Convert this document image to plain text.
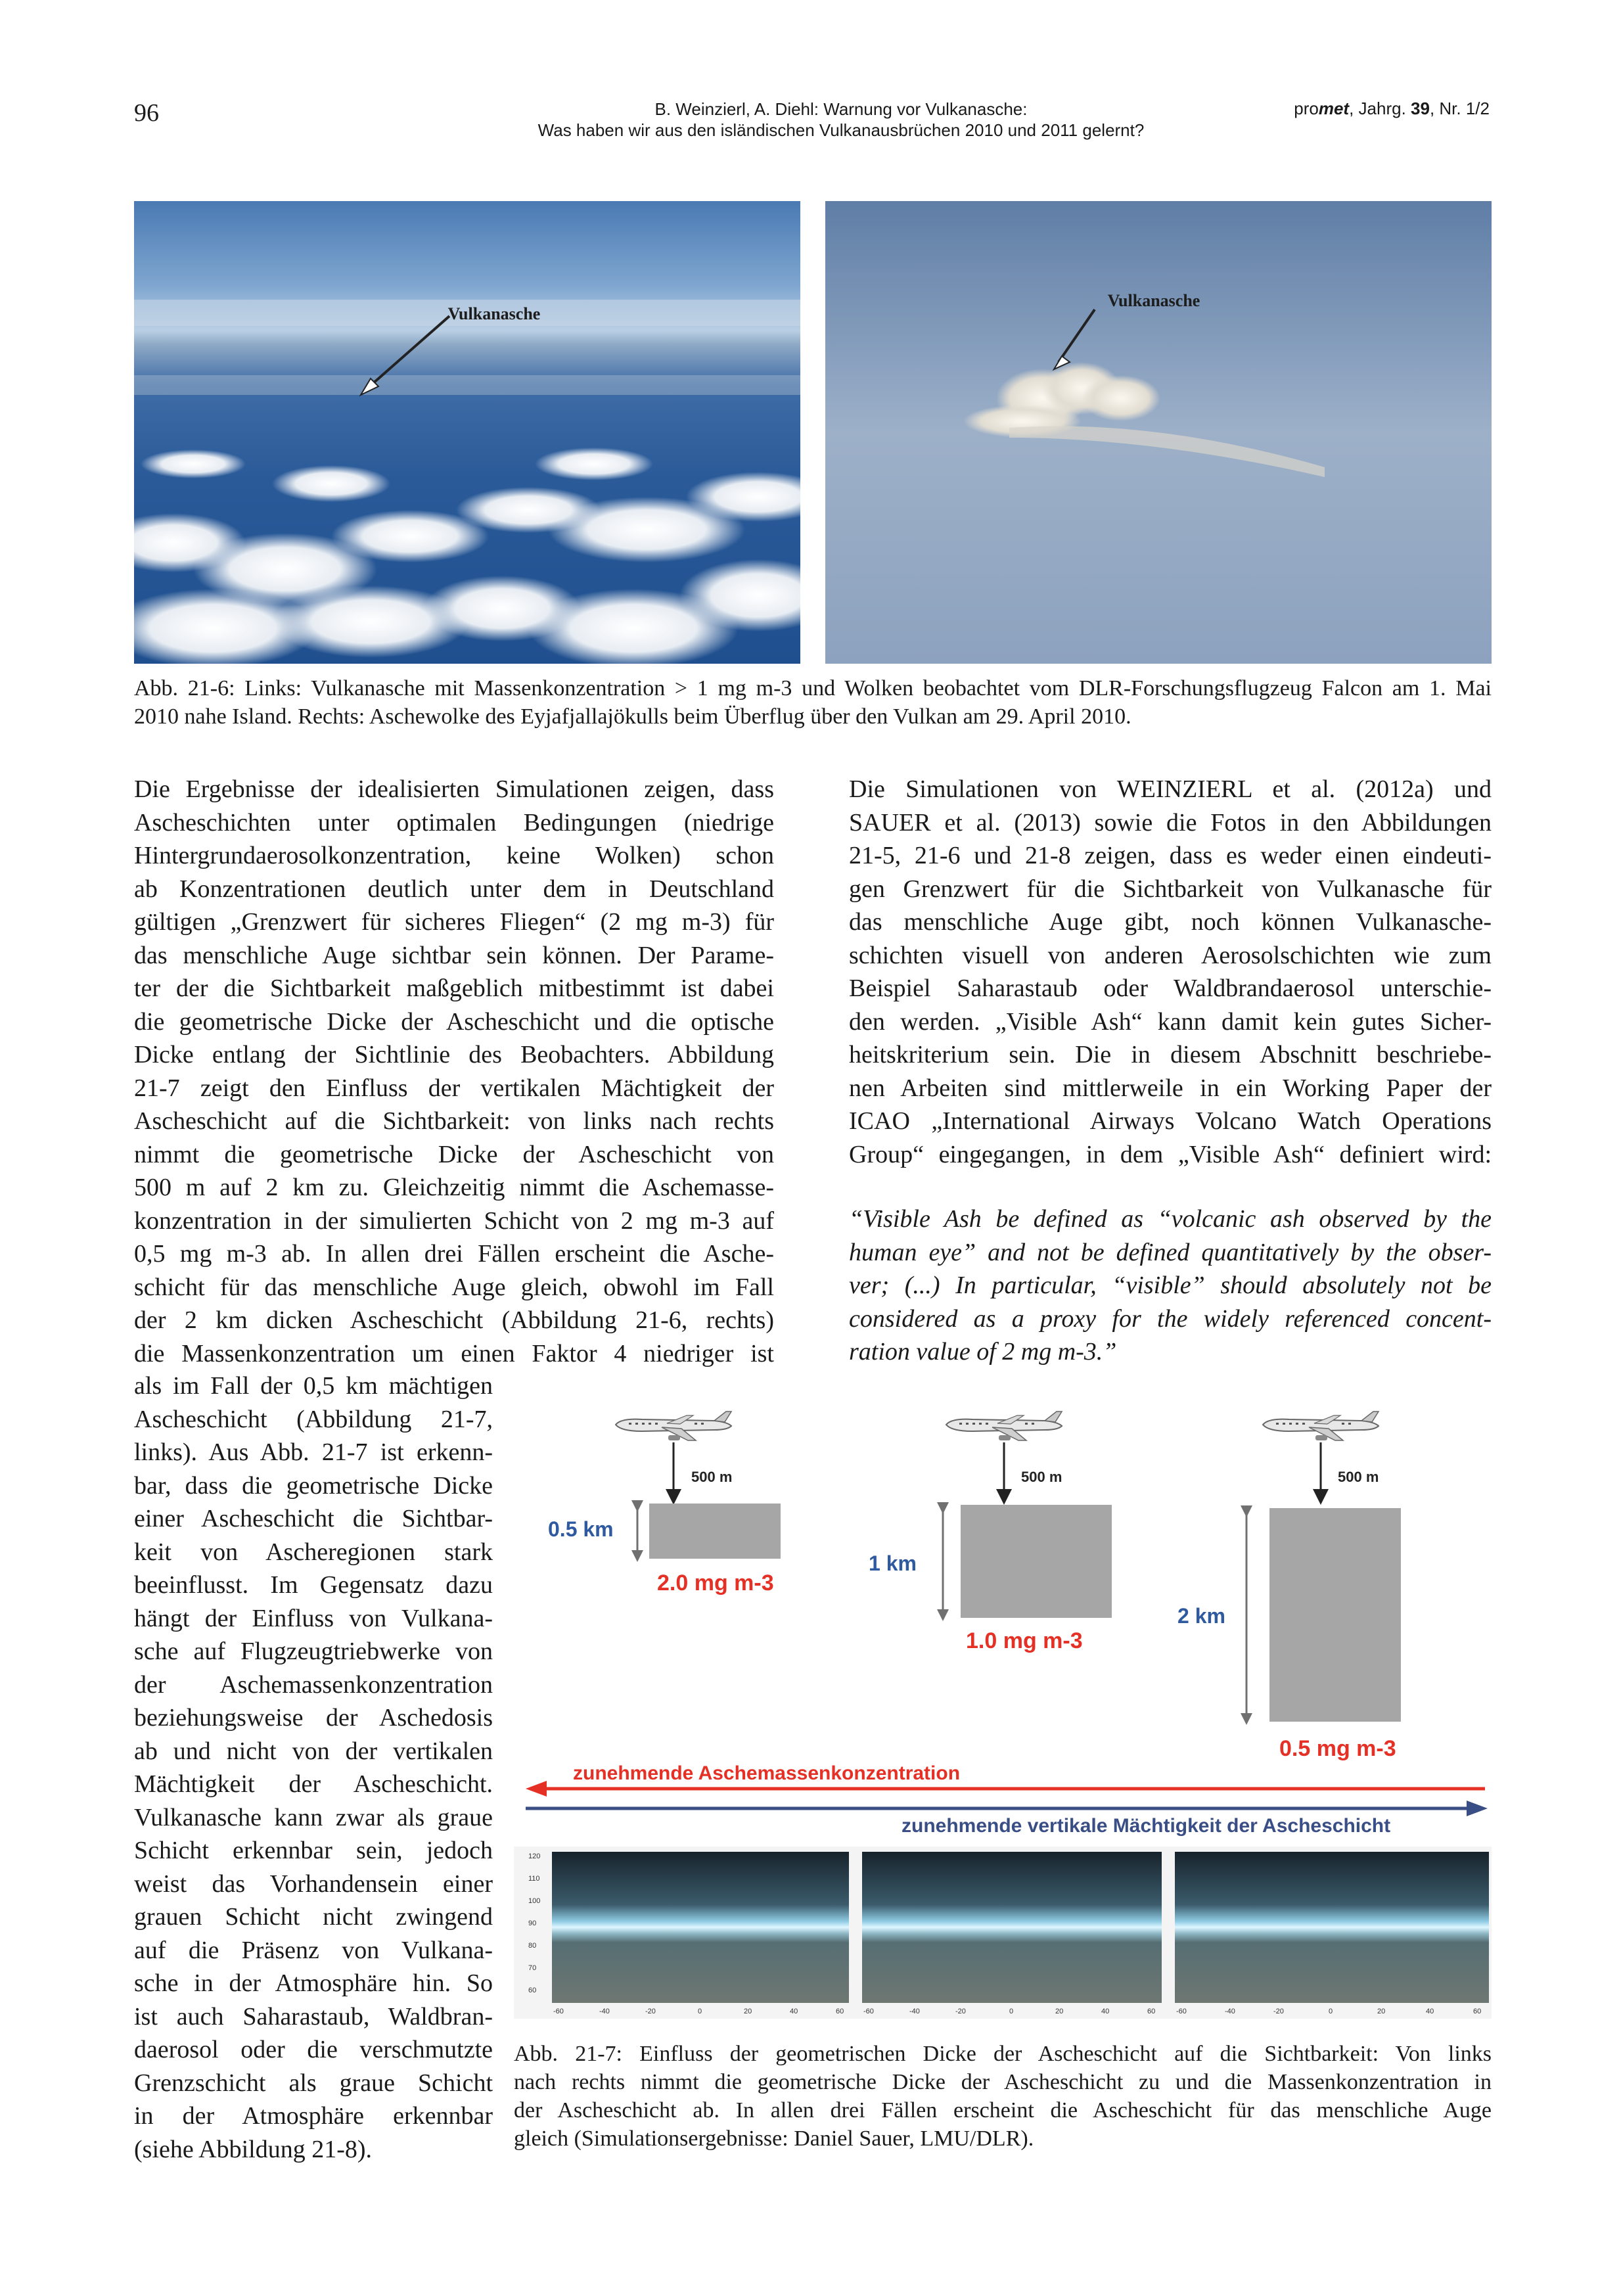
96	B. Weinzierl, A. Diehl: Warnung vor Vulkanasche:
Was haben wir aus den isländischen Vulkanausbrüchen 2010 und 2011 gelernt?
promet, Jahrg. 39, Nr. 1/2
Vulkanasche
Vulkanasche
Abb. 21-6: Links: Vulkanasche mit Massenkonzentration > 1 mg m-3 und Wolken beobachtet vom DLR-Forschungsflugzeug Falcon am 1. Mai
2010 nahe Island. Rechts: Aschewolke des Eyjafjallajökulls beim Überflug über den Vulkan am 29. April 2010.
Die Ergebnisse der idealisierten Simulationen zeigen, dass
Ascheschichten unter optimalen Bedingungen (niedrige
Hintergrundaerosolkonzentration, keine Wolken) schon
ab Konzentrationen deutlich unter dem in Deutschland
gültigen „Grenzwert für sicheres Fliegen“ (2 mg m-3) für
das menschliche Auge sichtbar sein können. Der Parame-
ter der die Sichtbarkeit maßgeblich mitbestimmt ist dabei
die geometrische Dicke der Ascheschicht und die optische
Dicke entlang der Sichtlinie des Beobachters. Abbildung
21-7 zeigt den Einfluss der vertikalen Mächtigkeit der
Ascheschicht auf die Sichtbarkeit: von links nach rechts
nimmt die geometrische Dicke der Ascheschicht von
500 m auf 2 km zu. Gleichzeitig nimmt die Aschemasse-
konzentration in der simulierten Schicht von 2 mg m-3 auf
0,5 mg m-3 ab. In allen drei Fällen erscheint die Asche-
schicht für das menschliche Auge gleich, obwohl im Fall
der 2 km dicken Ascheschicht (Abbildung 21-6, rechts)
die Massenkonzentration um einen Faktor 4 niedriger ist
als im Fall der 0,5 km mächtigen
Ascheschicht (Abbildung 21-7,
links). Aus Abb. 21-7 ist erkenn-
bar, dass die geometrische Dicke
einer Ascheschicht die Sichtbar-
keit von Ascheregionen stark
beeinflusst. Im Gegensatz dazu
hängt der Einfluss von Vulkana-
sche auf Flugzeugtriebwerke von
der Aschemassenkonzentration
beziehungsweise der Aschedosis
ab und nicht von der vertikalen
Mächtigkeit der Ascheschicht.
Vulkanasche kann zwar als graue
Schicht erkennbar sein, jedoch
weist das Vorhandensein einer
grauen Schicht nicht zwingend
auf die Präsenz von Vulkana-
sche in der Atmosphäre hin. So
ist auch Saharastaub, Waldbran-
daerosol oder die verschmutzte
Grenzschicht als graue Schicht
in der Atmosphäre erkennbar
(siehe Abbildung 21-8).
Die Simulationen von WEINZIERL et al. (2012a) und
SAUER et al. (2013) sowie die Fotos in den Abbildungen
21-5, 21-6 und 21-8 zeigen, dass es weder einen eindeuti-
gen Grenzwert für die Sichtbarkeit von Vulkanasche für
das menschliche Auge gibt, noch können Vulkanasche-
schichten visuell von anderen Aerosolschichten wie zum
Beispiel Saharastaub oder Waldbrandaerosol unterschie-
den werden. „Visible Ash“ kann damit kein gutes Sicher-
heitskriterium sein. Die in diesem Abschnitt beschriebe-
nen Arbeiten sind mittlerweile in ein Working Paper der
ICAO „International Airways Volcano Watch Operations
Group“ eingegangen, in dem „Visible Ash“ definiert wird:
“Visible Ash be defined as “volcanic ash observed by the
human eye” and not be defined quantitatively by the obser-
ver; (...) In particular, “visible” should absolutely not be
considered as a proxy for the widely referenced concent-
ration value of 2 mg m-3.”
500 m
0.5 km
2.0 mg m-3
500 m
1 km
1.0 mg m-3
500 m
2 km
0.5 mg m-3
zunehmende Aschemassenkonzentration
zunehmende vertikale Mächtigkeit der Ascheschicht
120
110
100
90
80
70
60
-60	-40	-20	0	20	40	60	-60	-40	-20	0	20	40	60	-60	-40	-20	0	20	40	60
Abb. 21-7: Einfluss der geometrischen Dicke der Ascheschicht auf die Sichtbarkeit: Von links
nach rechts nimmt die geometrische Dicke der Ascheschicht zu und die Massenkonzentration in
der Ascheschicht ab. In allen drei Fällen erscheint die Ascheschicht für das menschliche Auge
gleich (Simulationsergebnisse: Daniel Sauer, LMU/DLR).
